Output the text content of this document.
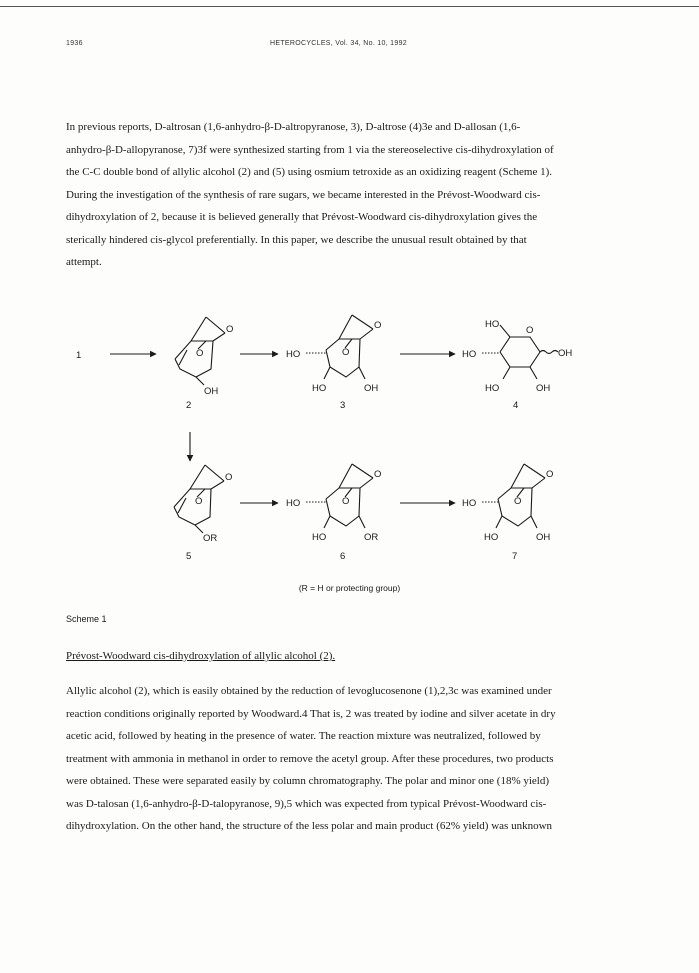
1936	HETEROCYCLES, Vol. 34, No. 10, 1992
In previous reports, D-altrosan (1,6-anhydro-β-D-altropyranose, 3), D-altrose (4)3e and D-allosan (1,6-
anhydro-β-D-allopyranose, 7)3f were synthesized starting from 1 via the stereoselective cis-dihydroxylation of
the C-C double bond of allylic alcohol (2) and (5) using osmium tetroxide as an oxidizing reagent (Scheme 1).
During the investigation of the synthesis of rare sugars, we became interested in the Prévost-Woodward cis-
dihydroxylation of 2, because it is believed generally that Prévost-Woodward cis-dihydroxylation gives the
sterically hindered cis-glycol preferentially. In this paper, we describe the unusual result obtained by that
attempt.
1	O
O
OH
2
O
O
HO
HO	OH
3
HO
O
HO	OH
HO	OH
4
O
O
OR
5
O
O
HO
HO	OR
6
O
O
HO
HO	OH
7
(R = H or protecting group)
Scheme 1
Prévost-Woodward cis-dihydroxylation of allylic alcohol (2).
Allylic alcohol (2), which is easily obtained by the reduction of levoglucosenone (1),2,3c was examined under
reaction conditions originally reported by Woodward.4 That is, 2 was treated by iodine and silver acetate in dry
acetic acid, followed by heating in the presence of water. The reaction mixture was neutralized, followed by
treatment with ammonia in methanol in order to remove the acetyl group. After these procedures, two products
were obtained. These were separated easily by column chromatography. The polar and minor one (18% yield)
was D-talosan (1,6-anhydro-β-D-talopyranose, 9),5 which was expected from typical Prévost-Woodward cis-
dihydroxylation. On the other hand, the structure of the less polar and main product (62% yield) was unknown
